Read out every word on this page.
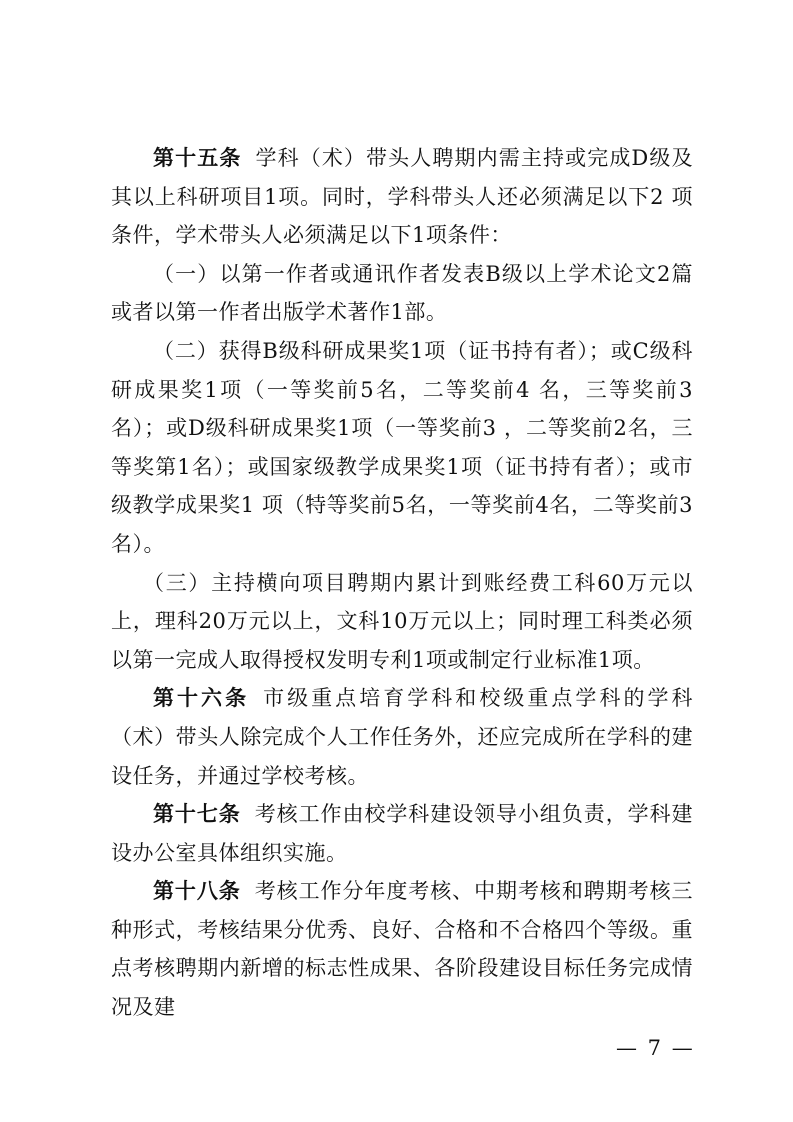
第十五条 学科（术）带头人聘期内需主持或完成D级及其以上科研项目1项。同时，学科带头人还必须满足以下2 项条件，学术带头人必须满足以下1项条件：

（一）以第一作者或通讯作者发表B级以上学术论文2篇或者以第一作者出版学术著作1部。

（二）获得B级科研成果奖1项（证书持有者）；或C级科研成果奖1项（一等奖前5名，二等奖前4 名，三等奖前3名）；或D级科研成果奖1项（一等奖前3 ，二等奖前2名，三等奖第1名）；或国家级教学成果奖1项（证书持有者）；或市级教学成果奖1 项（特等奖前5名，一等奖前4名，二等奖前3名）。

（三）主持横向项目聘期内累计到账经费工科60万元以上，理科20万元以上，文科10万元以上；同时理工科类必须以第一完成人取得授权发明专利1项或制定行业标准1项。

第十六条 市级重点培育学科和校级重点学科的学科（术）带头人除完成个人工作任务外，还应完成所在学科的建设任务，并通过学校考核。

第十七条 考核工作由校学科建设领导小组负责，学科建设办公室具体组织实施。

第十八条 考核工作分年度考核、中期考核和聘期考核三种形式，考核结果分优秀、良好、合格和不合格四个等级。重点考核聘期内新增的标志性成果、各阶段建设目标任务完成情况及建

— 7 —
